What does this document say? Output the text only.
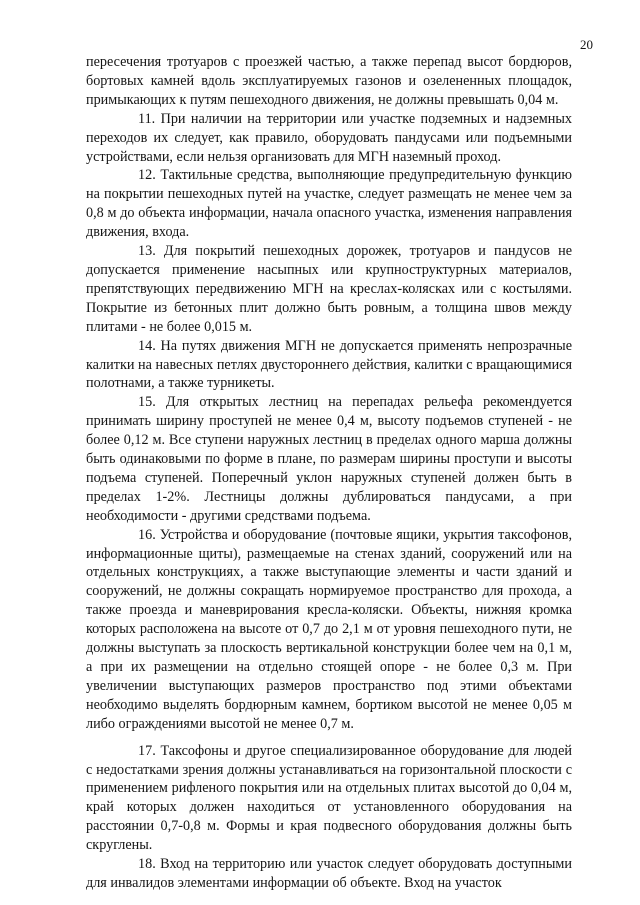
20

пересечения тротуаров с проезжей частью, а также перепад высот бордюров, бортовых камней вдоль эксплуатируемых газонов и озелененных площадок, примыкающих к путям пешеходного движения, не должны превышать 0,04 м.

11. При наличии на территории или участке подземных и надземных переходов их следует, как правило, оборудовать пандусами или подъемными устройствами, если нельзя организовать для МГН наземный проход.

12. Тактильные средства, выполняющие предупредительную функцию на покрытии пешеходных путей на участке, следует размещать не менее чем за 0,8 м до объекта информации, начала опасного участка, изменения направления движения, входа.

13. Для покрытий пешеходных дорожек, тротуаров и пандусов не допускается применение насыпных или крупноструктурных материалов, препятствующих передвижению МГН на креслах-колясках или с костылями. Покрытие из бетонных плит должно быть ровным, а толщина швов между плитами - не более 0,015 м.

14. На путях движения МГН не допускается применять непрозрачные калитки на навесных петлях двустороннего действия, калитки с вращающимися полотнами, а также турникеты.

15. Для открытых лестниц на перепадах рельефа рекомендуется принимать ширину проступей не менее 0,4 м, высоту подъемов ступеней - не более 0,12 м. Все ступени наружных лестниц в пределах одного марша должны быть одинаковыми по форме в плане, по размерам ширины проступи и высоты подъема ступеней. Поперечный уклон наружных ступеней должен быть в пределах 1-2%. Лестницы должны дублироваться пандусами, а при необходимости - другими средствами подъема.

16. Устройства и оборудование (почтовые ящики, укрытия таксофонов, информационные щиты), размещаемые на стенах зданий, сооружений или на отдельных конструкциях, а также выступающие элементы и части зданий и сооружений, не должны сокращать нормируемое пространство для прохода, а также проезда и маневрирования кресла-коляски. Объекты, нижняя кромка которых расположена на высоте от 0,7 до 2,1 м от уровня пешеходного пути, не должны выступать за плоскость вертикальной конструкции более чем на 0,1 м, а при их размещении на отдельно стоящей опоре - не более 0,3 м. При увеличении выступающих размеров пространство под этими объектами необходимо выделять бордюрным камнем, бортиком высотой не менее 0,05 м либо ограждениями высотой не менее 0,7 м.

17. Таксофоны и другое специализированное оборудование для людей с недостатками зрения должны устанавливаться на горизонтальной плоскости с применением рифленого покрытия или на отдельных плитах высотой до 0,04 м, край которых должен находиться от установленного оборудования на расстоянии 0,7-0,8 м. Формы и края подвесного оборудования должны быть скруглены.

18. Вход на территорию или участок следует оборудовать доступными для инвалидов элементами информации об объекте. Вход на участок
